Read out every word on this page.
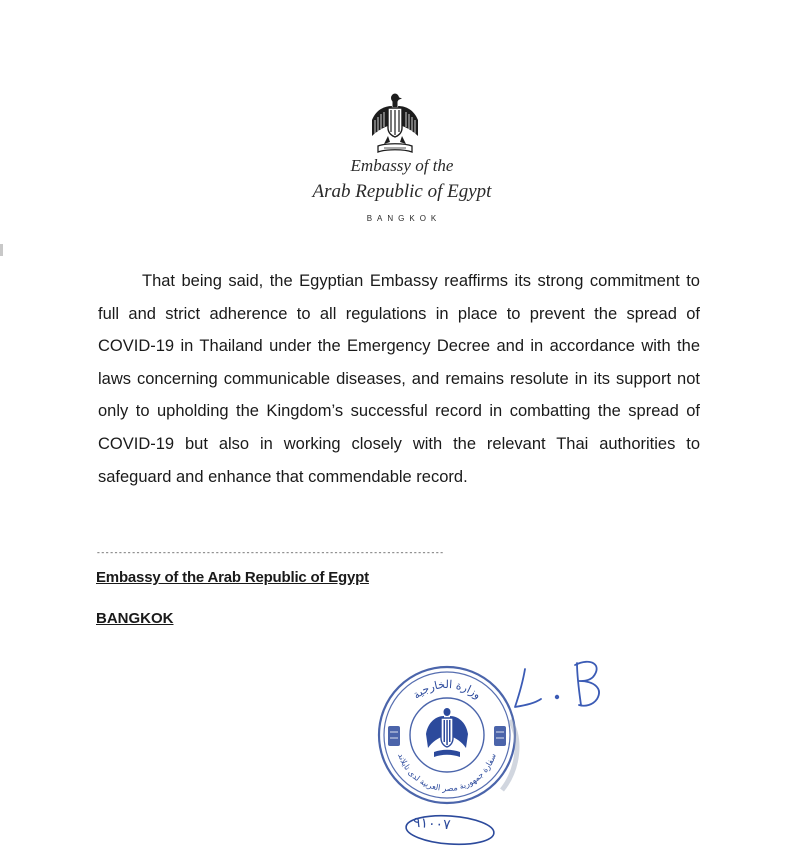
Embassy of the
Arab Republic of Egypt
BANGKOK

That being said, the Egyptian Embassy reaffirms its strong commitment to full and strict adherence to all regulations in place to prevent the spread of COVID-19 in Thailand under the Emergency Decree and in accordance with the laws concerning communicable diseases, and remains resolute in its support not only to upholding the Kingdom’s successful record in combatting the spread of COVID-19 but also in working closely with the relevant Thai authorities to safeguard and enhance that commendable record.

-------------------------------------------------------------------------------
Embassy of the Arab Republic of Egypt
BANGKOK
وزارة الخارجية
سفارة جمهورية مصر العربية لدى تايلاند
٩١٠٠٧
